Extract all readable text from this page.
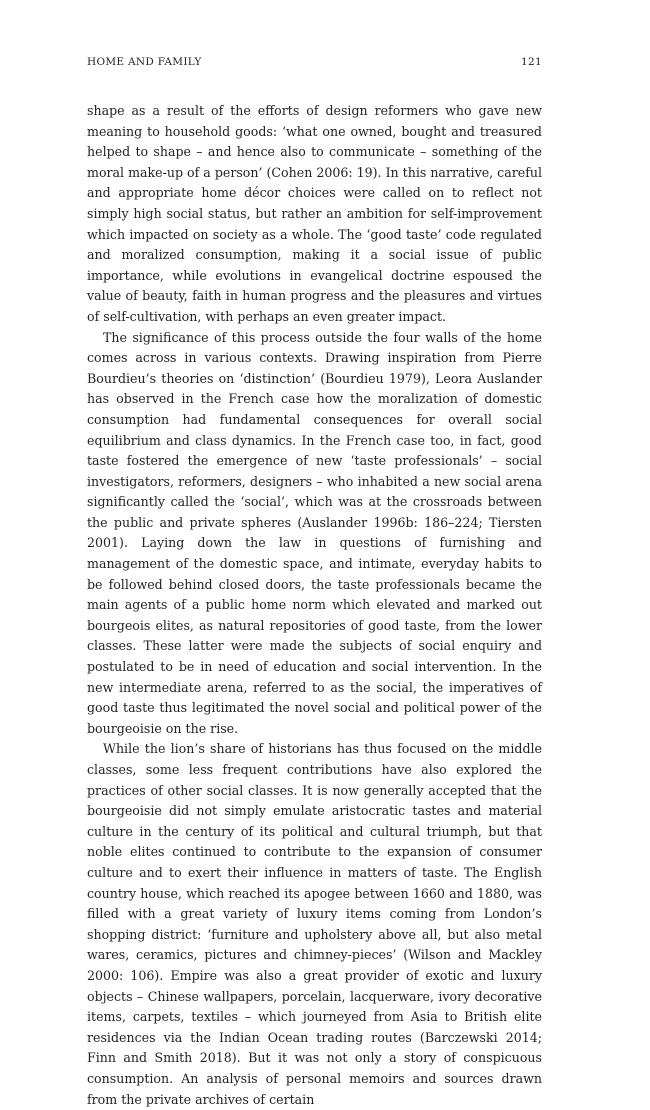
HOME AND FAMILY	121

shape as a result of the efforts of design reformers who gave new meaning to household goods: ‘what one owned, bought and treasured helped to shape – and hence also to communicate – something of the moral make-up of a person’ (Cohen 2006: 19). In this narrative, careful and appropriate home décor choices were called on to reflect not simply high social status, but rather an ambition for self-improvement which impacted on society as a whole. The ‘good taste’ code regulated and moralized consumption, making it a social issue of public importance, while evolutions in evangelical doctrine espoused the value of beauty, faith in human progress and the pleasures and virtues of self-cultivation, with perhaps an even greater impact.

The significance of this process outside the four walls of the home comes across in various contexts. Drawing inspiration from Pierre Bourdieu’s theories on ‘distinction’ (Bourdieu 1979), Leora Auslander has observed in the French case how the moralization of domestic consumption had fundamental consequences for overall social equilibrium and class dynamics. In the French case too, in fact, good taste fostered the emergence of new ‘taste professionals’ – social investigators, reformers, designers – who inhabited a new social arena significantly called the ‘social’, which was at the crossroads between the public and private spheres (Auslander 1996b: 186–224; Tiersten 2001). Laying down the law in questions of furnishing and management of the domestic space, and intimate, everyday habits to be followed behind closed doors, the taste professionals became the main agents of a public home norm which elevated and marked out bourgeois elites, as natural repositories of good taste, from the lower classes. These latter were made the subjects of social enquiry and postulated to be in need of education and social intervention. In the new intermediate arena, referred to as the social, the imperatives of good taste thus legitimated the novel social and political power of the bourgeoisie on the rise.

While the lion’s share of historians has thus focused on the middle classes, some less frequent contributions have also explored the practices of other social classes. It is now generally accepted that the bourgeoisie did not simply emulate aristocratic tastes and material culture in the century of its political and cultural triumph, but that noble elites continued to contribute to the expansion of consumer culture and to exert their influence in matters of taste. The English country house, which reached its apogee between 1660 and 1880, was filled with a great variety of luxury items coming from London’s shopping district: ‘furniture and upholstery above all, but also metal wares, ceramics, pictures and chimney-pieces’ (Wilson and Mackley 2000: 106). Empire was also a great provider of exotic and luxury objects – Chinese wallpapers, porcelain, lacquerware, ivory decorative items, carpets, textiles – which journeyed from Asia to British elite residences via the Indian Ocean trading routes (Barczewski 2014; Finn and Smith 2018). But it was not only a story of conspicuous consumption. An analysis of personal memoirs and sources drawn from the private archives of certain
